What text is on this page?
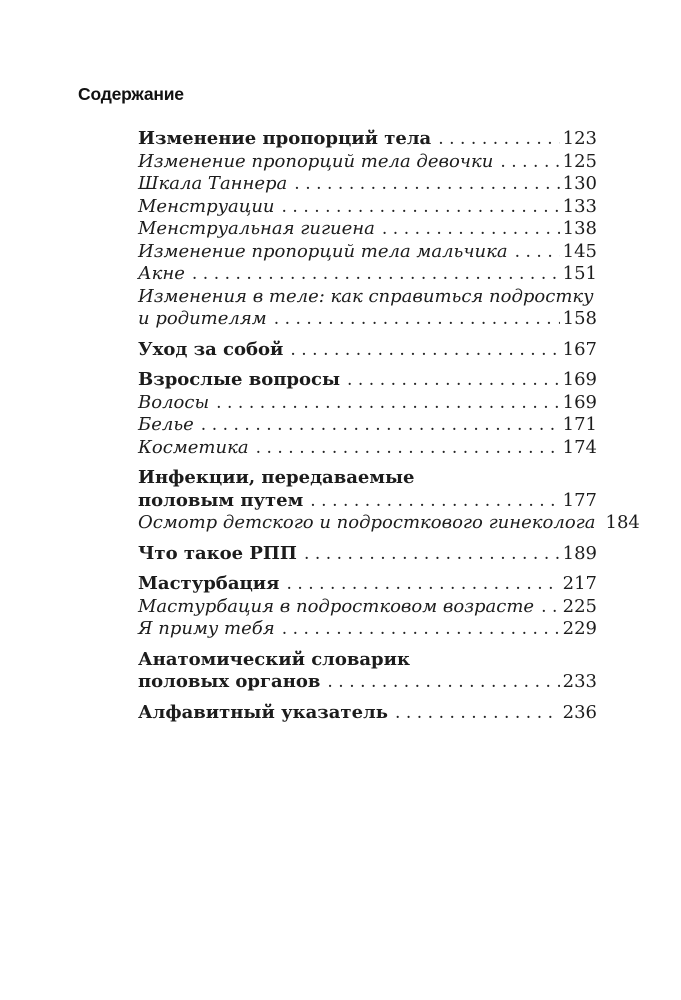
Содержание
Изменение пропорций тела .....	123
Изменение пропорций тела девочки .....	125
Шкала Таннера .....	130
Менструации .....	133
Менструальная гигиена .....	138
Изменение пропорций тела мальчика .....	145
Акне .....	151
Изменения в теле: как справиться подростку
и родителям .....	158
Уход за собой .....	167
Взрослые вопросы .....	169
Волосы .....	169
Белье .....	171
Косметика .....	174
Инфекции, передаваемые
половым путем .....	177
Осмотр детского и подросткового гинеколога 184
Что такое РПП .....	189
Мастурбация .....	217
Мастурбация в подростковом возрасте ..... 225
Я приму тебя .....	229
Анатомический словарик
половых органов .....	233
Алфавитный указатель .....	236
